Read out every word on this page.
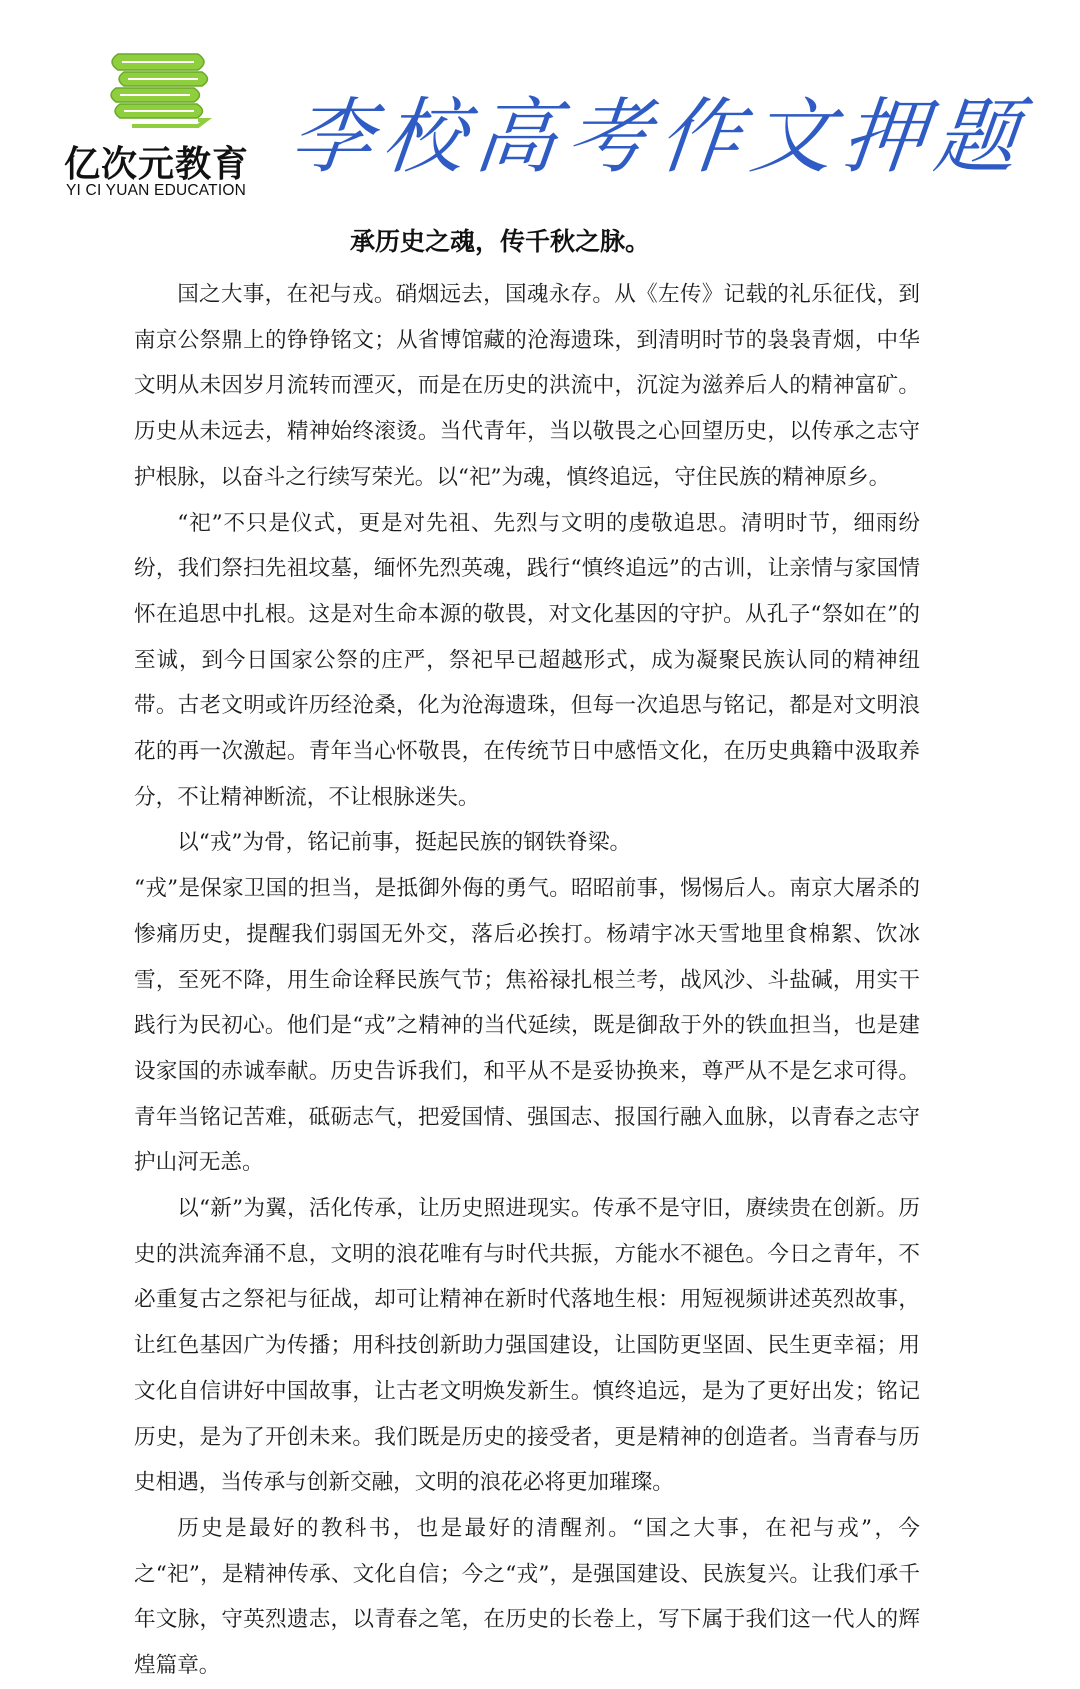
亿次元教育
YI CI YUAN EDUCATION
李校高考作文押题
承历史之魂，传千秋之脉。

国之大事，在祀与戎。硝烟远去，国魂永存。从《左传》记载的礼乐征伐，到南京公祭鼎上的铮铮铭文；从省博馆藏的沧海遗珠，到清明时节的袅袅青烟，中华文明从未因岁月流转而湮灭，而是在历史的洪流中，沉淀为滋养后人的精神富矿。历史从未远去，精神始终滚烫。当代青年，当以敬畏之心回望历史，以传承之志守护根脉，以奋斗之行续写荣光。以“祀”为魂，慎终追远，守住民族的精神原乡。

“祀”不只是仪式，更是对先祖、先烈与文明的虔敬追思。清明时节，细雨纷纷，我们祭扫先祖坟墓，缅怀先烈英魂，践行“慎终追远”的古训，让亲情与家国情怀在追思中扎根。这是对生命本源的敬畏，对文化基因的守护。从孔子“祭如在”的至诚，到今日国家公祭的庄严，祭祀早已超越形式，成为凝聚民族认同的精神纽带。古老文明或许历经沧桑，化为沧海遗珠，但每一次追思与铭记，都是对文明浪花的再一次激起。青年当心怀敬畏，在传统节日中感悟文化，在历史典籍中汲取养分，不让精神断流，不让根脉迷失。

以“戎”为骨，铭记前事，挺起民族的钢铁脊梁。

“戎”是保家卫国的担当，是抵御外侮的勇气。昭昭前事，惕惕后人。南京大屠杀的惨痛历史，提醒我们弱国无外交，落后必挨打。杨靖宇冰天雪地里食棉絮、饮冰雪，至死不降，用生命诠释民族气节；焦裕禄扎根兰考，战风沙、斗盐碱，用实干践行为民初心。他们是“戎”之精神的当代延续，既是御敌于外的铁血担当，也是建设家国的赤诚奉献。历史告诉我们，和平从不是妥协换来，尊严从不是乞求可得。青年当铭记苦难，砥砺志气，把爱国情、强国志、报国行融入血脉，以青春之志守护山河无恙。

以“新”为翼，活化传承，让历史照进现实。传承不是守旧，赓续贵在创新。历史的洪流奔涌不息，文明的浪花唯有与时代共振，方能水不褪色。今日之青年，不必重复古之祭祀与征战，却可让精神在新时代落地生根：用短视频讲述英烈故事，让红色基因广为传播；用科技创新助力强国建设，让国防更坚固、民生更幸福；用文化自信讲好中国故事，让古老文明焕发新生。慎终追远，是为了更好出发；铭记历史，是为了开创未来。我们既是历史的接受者，更是精神的创造者。当青春与历史相遇，当传承与创新交融，文明的浪花必将更加璀璨。

历史是最好的教科书，也是最好的清醒剂。“国之大事，在祀与戎”，今之“祀”，是精神传承、文化自信；今之“戎”，是强国建设、民族复兴。让我们承千年文脉，守英烈遗志，以青春之笔，在历史的长卷上，写下属于我们这一代人的辉煌篇章。
